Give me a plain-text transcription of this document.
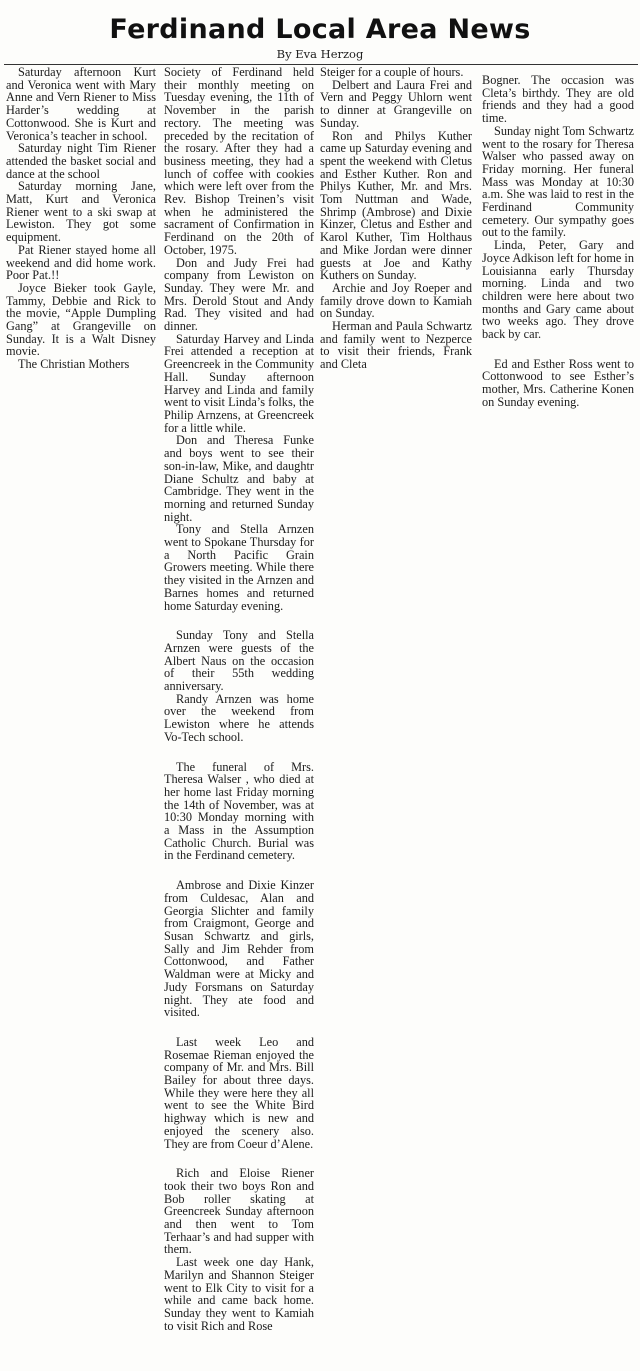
Ferdinand Local Area News
By Eva Herzog

Saturday afternoon Kurt and Veronica went with Mary Anne and Vern Riener to Miss Harder’s wedding at Cottonwood. She is Kurt and Veronica’s teacher in school.

Saturday night Tim Riener attended the basket social and dance at the school

Saturday morning Jane, Matt, Kurt and Veronica Riener went to a ski swap at Lewiston. They got some equipment.

Pat Riener stayed home all weekend and did home work. Poor Pat.!!

Joyce Bieker took Gayle, Tammy, Debbie and Rick to the movie, “Apple Dumpling Gang” at Grangeville on Sunday. It is a Walt Disney movie.

The Christian Mothers

Society of Ferdinand held their monthly meeting on Tuesday evening, the 11th of November in the parish rectory. The meeting was preceded by the recitation of the rosary. After they had a business meeting, they had a lunch of coffee with cookies which were left over from the Rev. Bishop Treinen’s visit when he administered the sacrament of Confirmation in Ferdinand on the 20th of October, 1975.

Don and Judy Frei had company from Lewiston on Sunday. They were Mr. and Mrs. Derold Stout and Andy Rad. They visited and had dinner.

Saturday Harvey and Linda Frei attended a reception at Greencreek in the Community Hall. Sunday afternoon Harvey and Linda and family went to visit Linda’s folks, the Philip Arnzens, at Greencreek for a little while.

Don and Theresa Funke and boys went to see their son-in-law, Mike, and daughtr Diane Schultz and baby at Cambridge. They went in the morning and returned Sunday night.

Tony and Stella Arnzen went to Spokane Thursday for a North Pacific Grain Growers meeting. While there they visited in the Arnzen and Barnes homes and returned home Saturday evening.

Sunday Tony and Stella Arnzen were guests of the Albert Naus on the occasion of their 55th wedding anniversary.

Randy Arnzen was home over the weekend from Lewiston where he attends Vo-Tech school.

The funeral of Mrs. Theresa Walser , who died at her home last Friday morning the 14th of November, was at 10:30 Monday morning with a Mass in the Assumption Catholic Church. Burial was in the Ferdinand cemetery.

Ambrose and Dixie Kinzer from Culdesac, Alan and Georgia Slichter and family from Craigmont, George and Susan Schwartz and girls, Sally and Jim Rehder from Cottonwood, and Father Waldman were at Micky and Judy Forsmans on Saturday night. They ate food and visited.

Last week Leo and Rosemae Rieman enjoyed the company of Mr. and Mrs. Bill Bailey for about three days. While they were here they all went to see the White Bird highway which is new and enjoyed the scenery also. They are from Coeur d’Alene.

Rich and Eloise Riener took their two boys Ron and Bob roller skating at Greencreek Sunday afternoon and then went to Tom Terhaar’s and had supper with them.

Last week one day Hank, Marilyn and Shannon Steiger went to Elk City to visit for a while and came back home. Sunday they went to Kamiah to visit Rich and Rose

Steiger for a couple of hours.

Delbert and Laura Frei and Vern and Peggy Uhlorn went to dinner at Grangeville on Sunday.

Ron and Philys Kuther came up Saturday evening and spent the weekend with Cletus and Esther Kuther. Ron and Philys Kuther, Mr. and Mrs. Tom Nuttman and Wade, Shrimp (Ambrose) and Dixie Kinzer, Cletus and Esther and Karol Kuther, Tim Holthaus and Mike Jordan were dinner guests at Joe and Kathy Kuthers on Sunday.

Archie and Joy Roeper and family drove down to Kamiah on Sunday.

Herman and Paula Schwartz and family went to Nezperce to visit their friends, Frank and Cleta

Bogner. The occasion was Cleta’s birthdy. They are old friends and they had a good time.

Sunday night Tom Schwartz went to the rosary for Theresa Walser who passed away on Friday morning. Her funeral Mass was Monday at 10:30 a.m. She was laid to rest in the Ferdinand Community cemetery. Our sympathy goes out to the family.

Linda, Peter, Gary and Joyce Adkison left for home in Louisianna early Thursday morning. Linda and two children were here about two months and Gary came about two weeks ago. They drove back by car.

Ed and Esther Ross went to Cottonwood to see Esther’s mother, Mrs. Catherine Konen on Sunday evening.
